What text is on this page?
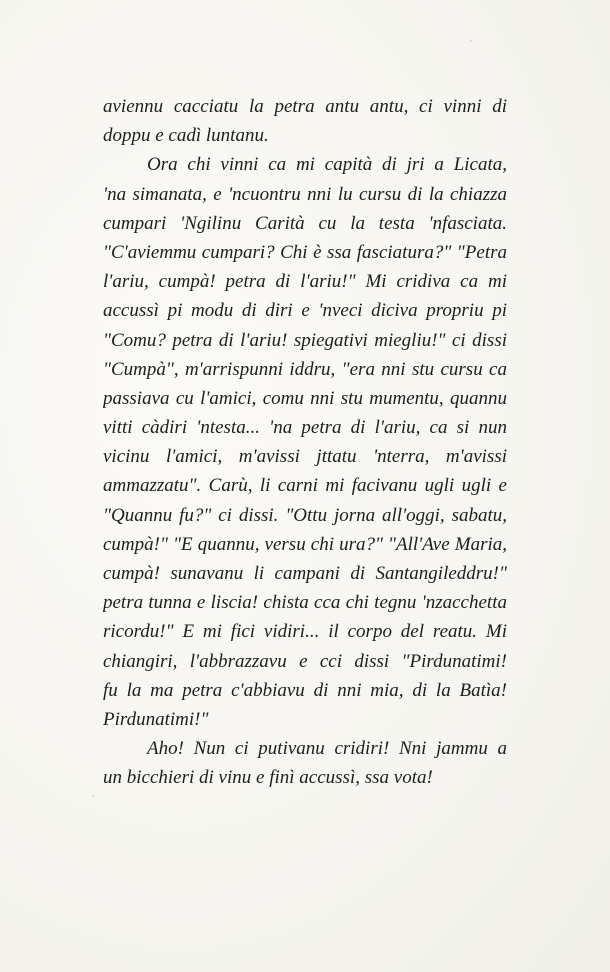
aviennu cacciatu la petra antu antu, ci vinni di
doppu e cadì luntanu.
Ora chi vinni ca mi capità di jri a Licata,
'na simanata, e 'ncuontru nni lu cursu di la chiazza
cumpari 'Ngilinu Carità cu la testa 'nfasciata.
"C'aviemmu cumpari? Chi è ssa fasciatura?" "Petra
l'ariu, cumpà! petra di l'ariu!" Mi cridiva ca mi
accussì pi modu di diri e 'nveci diciva propriu pi
"Comu? petra di l'ariu! spiegativi miegliu!" ci dissi
"Cumpà", m'arrispunni iddru, "era nni stu cursu ca
passiava cu l'amici, comu nni stu mumentu, quannu
vitti càdiri 'ntesta... 'na petra di l'ariu, ca si nun
vicinu l'amici, m'avissi jttatu 'nterra, m'avissi
ammazzatu". Carù, li carni mi facivanu ugli ugli e
"Quannu fu?" ci dissi. "Ottu jorna all'oggi, sabatu,
cumpà!" "E quannu, versu chi ura?" "All'Ave Maria,
cumpà! sunavanu li campani di Santangileddru!"
petra tunna e liscia! chista cca chi tegnu 'nzacchetta
ricordu!" E mi fici vidiri... il corpo del reatu. Mi
chiangiri, l'abbrazzavu e cci dissi "Pirdunatimi!
fu la ma petra c'abbiavu di nni mia, di la Batìa!
Pirdunatimi!"
Aho! Nun ci putivanu cridiri! Nni jammu a
un bicchieri di vinu e finì accussì, ssa vota!
